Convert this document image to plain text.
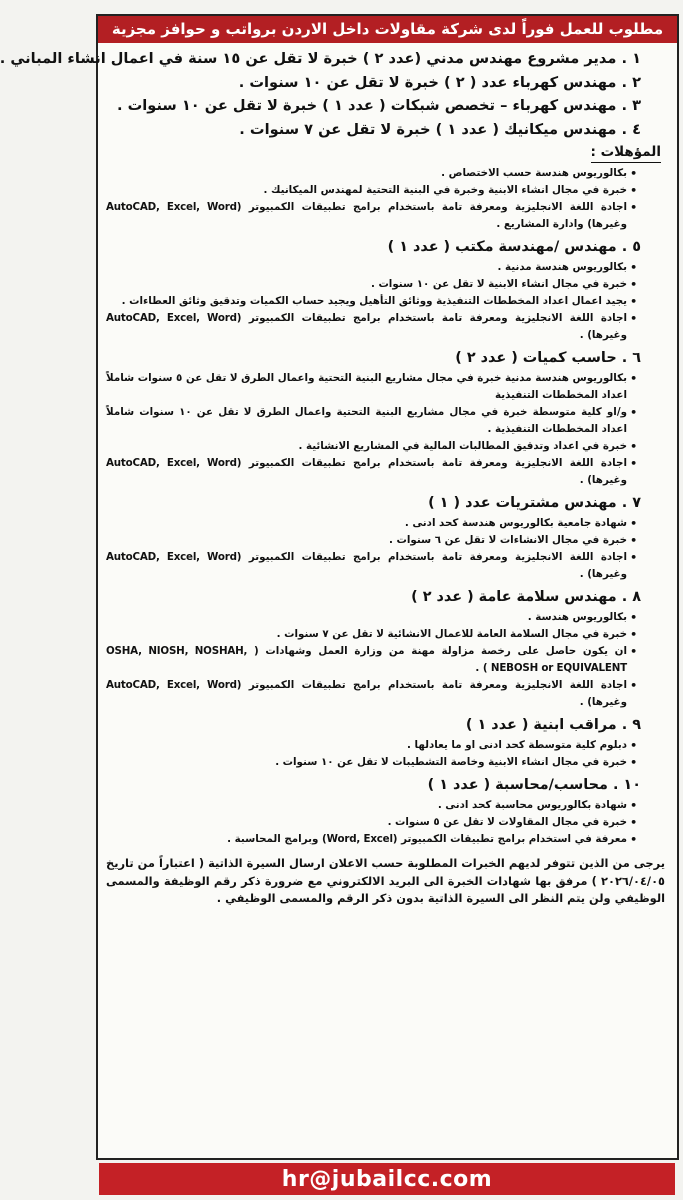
مطلوب للعمل فوراً لدى شركة مقاولات داخل الاردن برواتب و حوافز مجزية
١ . مدير مشروع مهندس مدني (عدد ٢ ) خبرة لا تقل عن ١٥ سنة في اعمال انشاء المباني .
٢ . مهندس كهرباء عدد ( ٢ ) خبرة لا تقل عن ١٠ سنوات .
٣ . مهندس كهرباء – تخصص شبكات ( عدد ١ ) خبرة لا تقل عن ١٠ سنوات .
٤ . مهندس ميكانيك ( عدد ١ ) خبرة لا تقل عن ٧ سنوات .
المؤهلات :
• بكالوريوس هندسة حسب الاختصاص .
• خبرة في مجال انشاء الابنية وخبرة في البنية التحتية لمهندس الميكانيك .
• اجادة اللغة الانجليزية ومعرفة تامة باستخدام برامج تطبيقات الكمبيوتر (AutoCAD, Excel, Word وغيرها) وادارة المشاريع .
٥ . مهندس /مهندسة مكتب ( عدد ١ )
• بكالوريوس هندسة مدنية .
• خبرة في مجال انشاء الابنية لا تقل عن ١٠ سنوات .
• يجيد اعمال اعداد المخططات التنفيذية ووثائق التأهيل ويجيد حساب الكميات وتدقيق وثائق العطاءات .
• اجادة اللغة الانجليزية ومعرفة تامة باستخدام برامج تطبيقات الكمبيوتر (AutoCAD, Excel, Word وغيرها) .
٦ . حاسب كميات ( عدد ٢ )
• بكالوريوس هندسة مدنية خبرة في مجال مشاريع البنية التحتية واعمال الطرق لا تقل عن ٥ سنوات شاملاً اعداد المخططات التنفيذية
• و/او كلية متوسطة خبرة في مجال مشاريع البنية التحتية واعمال الطرق لا تقل عن ١٠ سنوات شاملاً اعداد المخططات التنفيذية .
• خبرة في اعداد وتدقيق المطالبات المالية في المشاريع الانشائية .
• اجادة اللغة الانجليزية ومعرفة تامة باستخدام برامج تطبيقات الكمبيوتر (AutoCAD, Excel, Word وغيرها) .
٧ . مهندس مشتريات عدد ( ١ )
• شهادة جامعية بكالوريوس هندسة كحد ادنى .
• خبرة في مجال الانشاءات لا تقل عن ٦ سنوات .
• اجادة اللغة الانجليزية ومعرفة تامة باستخدام برامج تطبيقات الكمبيوتر (AutoCAD, Excel, Word وغيرها) .
٨ . مهندس سلامة عامة ( عدد ٢ )
• بكالوريوس هندسة .
• خبرة في مجال السلامة العامة للاعمال الانشائية لا تقل عن ٧ سنوات .
• ان يكون حاصل على رخصة مزاولة مهنة من وزارة العمل وشهادات ( OSHA, NIOSH, NOSHAH, NEBOSH or EQUIVALENT ) .
• اجادة اللغة الانجليزية ومعرفة تامة باستخدام برامج تطبيقات الكمبيوتر (AutoCAD, Excel, Word وغيرها) .
٩ . مراقب ابنية ( عدد ١ )
• دبلوم كلية متوسطة كحد ادنى او ما يعادلها .
• خبرة في مجال انشاء الابنية وخاصة التشطيبات لا تقل عن ١٠ سنوات .
١٠ . محاسب/محاسبة ( عدد ١ )
• شهادة بكالوريوس محاسبة كحد ادنى .
• خبرة في مجال المقاولات لا تقل عن ٥ سنوات .
• معرفة في استخدام برامج تطبيقات الكمبيوتر (Word, Excel) وبرامج المحاسبة .
يرجى من الذين تتوفر لديهم الخبرات المطلوبة حسب الاعلان ارسال السيرة الذاتية ( اعتباراً من تاريخ ٢٠٢٦/٠٤/٠٥ ) مرفق بها شهادات الخبرة الى البريد الالكتروني مع ضرورة ذكر رقم الوظيفة والمسمى الوظيفي ولن يتم النظر الى السيرة الذاتية بدون ذكر الرقم والمسمى الوظيفي .
hr@jubailcc.com
